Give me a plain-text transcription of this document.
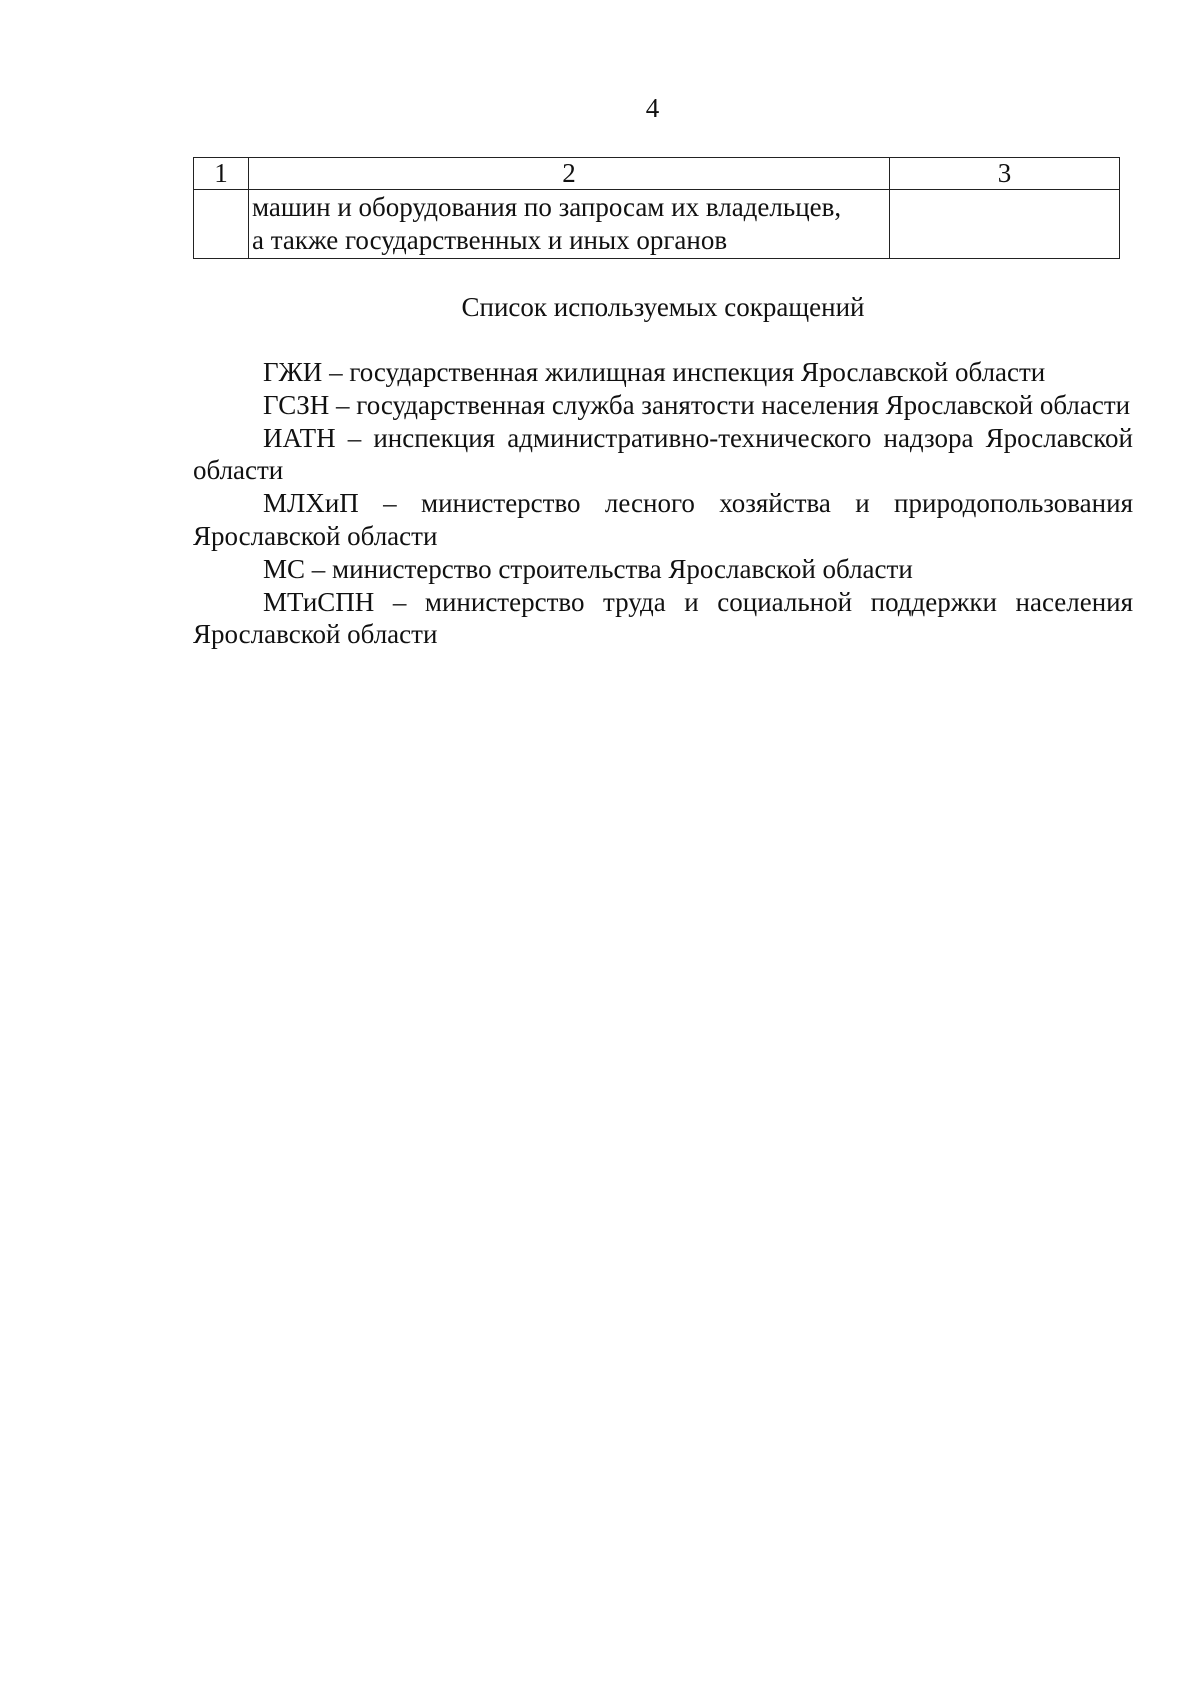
4
1	2	3

	машин и оборудования по запросам их владельцев,
а также государственных и иных органов	

Список используемых сокращений

ГЖИ – государственная жилищная инспекция Ярославской области

ГСЗН – государственная служба занятости населения Ярославской области

ИАТН – инспекция административно-технического надзора Ярославской области

МЛХиП – министерство лесного хозяйства и природопользования Ярославской области

МС – министерство строительства Ярославской области

МТиСПН – министерство труда и социальной поддержки населения Ярославской области
